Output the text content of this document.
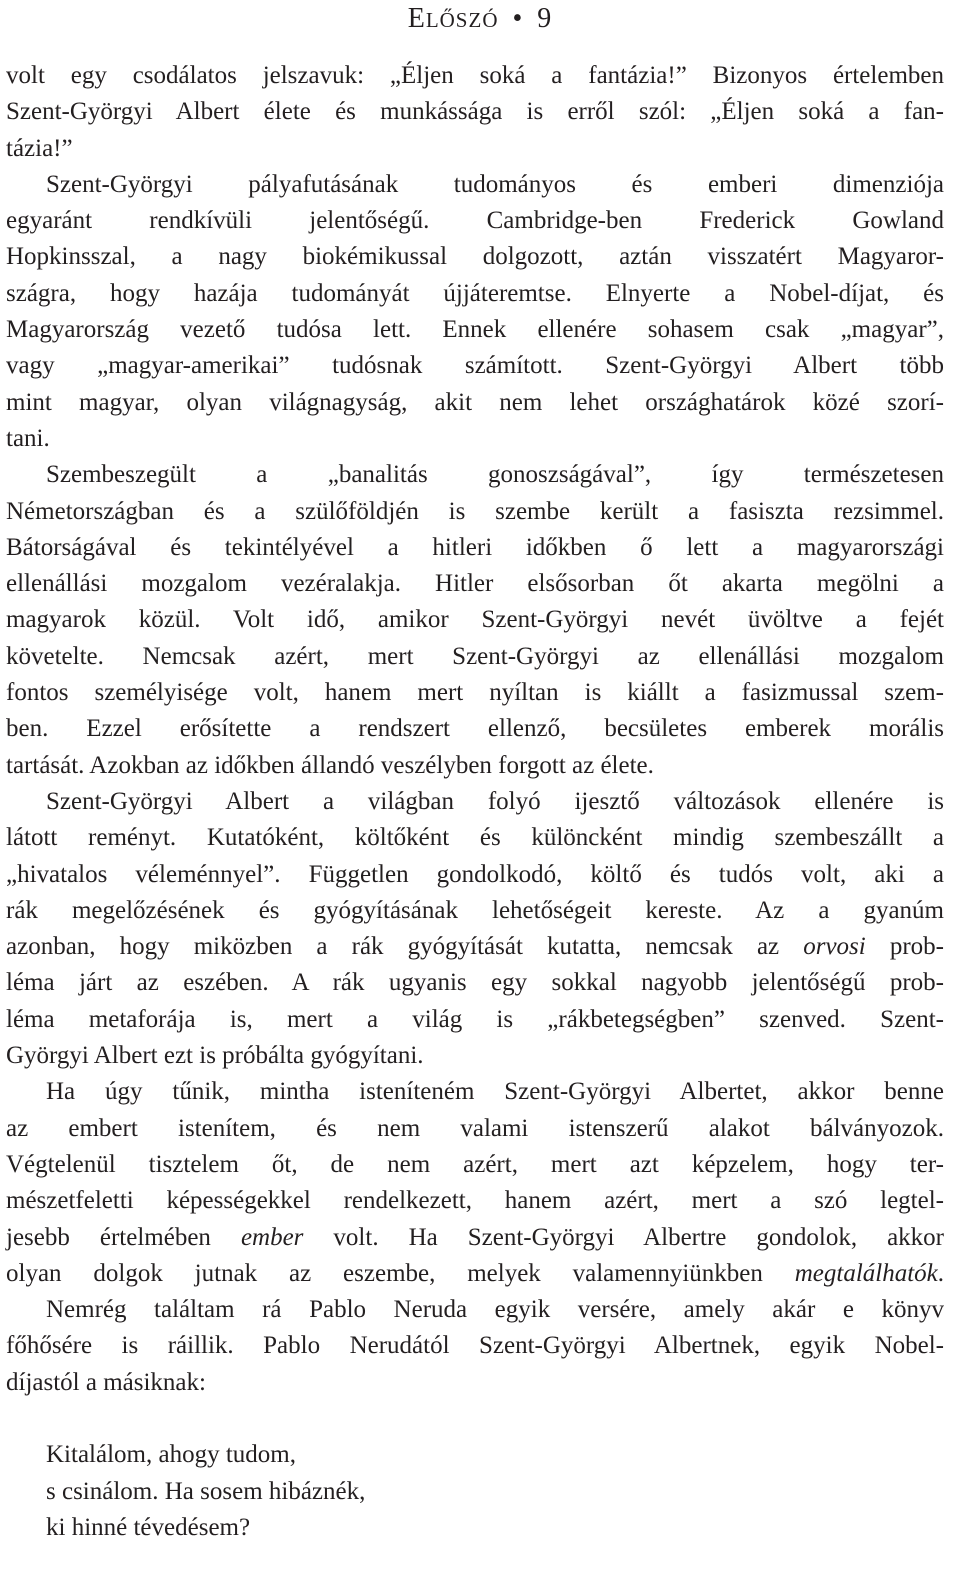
ELŐSZÓ • 9
volt egy csodálatos jelszavuk: „Éljen soká a fantázia!” Bizonyos értelemben
Szent-Györgyi Albert élete és munkássága is erről szól: „Éljen soká a fan-
tázia!”
Szent-Györgyi pályafutásának tudományos és emberi dimenziója
egyaránt rendkívüli jelentőségű. Cambridge-ben Frederick Gowland
Hopkinsszal, a nagy biokémikussal dolgozott, aztán visszatért Magyaror-
szágra, hogy hazája tudományát újjáteremtse. Elnyerte a Nobel-díjat, és
Magyarország vezető tudósa lett. Ennek ellenére sohasem csak „magyar”,
vagy „magyar-amerikai” tudósnak számított. Szent-Györgyi Albert több
mint magyar, olyan világnagyság, akit nem lehet országhatárok közé szorí-
tani.
Szembeszegült a „banalitás gonoszságával”, így természetesen
Németországban és a szülőföldjén is szembe került a fasiszta rezsimmel.
Bátorságával és tekintélyével a hitleri időkben ő lett a magyarországi
ellenállási mozgalom vezéralakja. Hitler elsősorban őt akarta megölni a
magyarok közül. Volt idő, amikor Szent-Györgyi nevét üvöltve a fejét
követelte. Nemcsak azért, mert Szent-Györgyi az ellenállási mozgalom
fontos személyisége volt, hanem mert nyíltan is kiállt a fasizmussal szem-
ben. Ezzel erősítette a rendszert ellenző, becsületes emberek morális
tartását. Azokban az időkben állandó veszélyben forgott az élete.
Szent-Györgyi Albert a világban folyó ijesztő változások ellenére is
látott reményt. Kutatóként, költőként és különcként mindig szembeszállt a
„hivatalos véleménnyel”. Független gondolkodó, költő és tudós volt, aki a
rák megelőzésének és gyógyításának lehetőségeit kereste. Az a gyanúm
azonban, hogy miközben a rák gyógyítását kutatta, nemcsak az orvosi prob-
léma járt az eszében. A rák ugyanis egy sokkal nagyobb jelentőségű prob-
léma metaforája is, mert a világ is „rákbetegségben” szenved. Szent-
Györgyi Albert ezt is próbálta gyógyítani.
Ha úgy tűnik, mintha isteníteném Szent-Györgyi Albertet, akkor benne
az embert istenítem, és nem valami istenszerű alakot bálványozok.
Végtelenül tisztelem őt, de nem azért, mert azt képzelem, hogy ter-
mészetfeletti képességekkel rendelkezett, hanem azért, mert a szó legtel-
jesebb értelmében ember volt. Ha Szent-Györgyi Albertre gondolok, akkor
olyan dolgok jutnak az eszembe, melyek valamennyiünkben megtalálhatók.
Nemrég találtam rá Pablo Neruda egyik versére, amely akár e könyv
főhősére is ráillik. Pablo Nerudától Szent-Györgyi Albertnek, egyik Nobel-
díjastól a másiknak:
Kitalálom, ahogy tudom,
s csinálom. Ha sosem hibáznék,
ki hinné tévedésem?
